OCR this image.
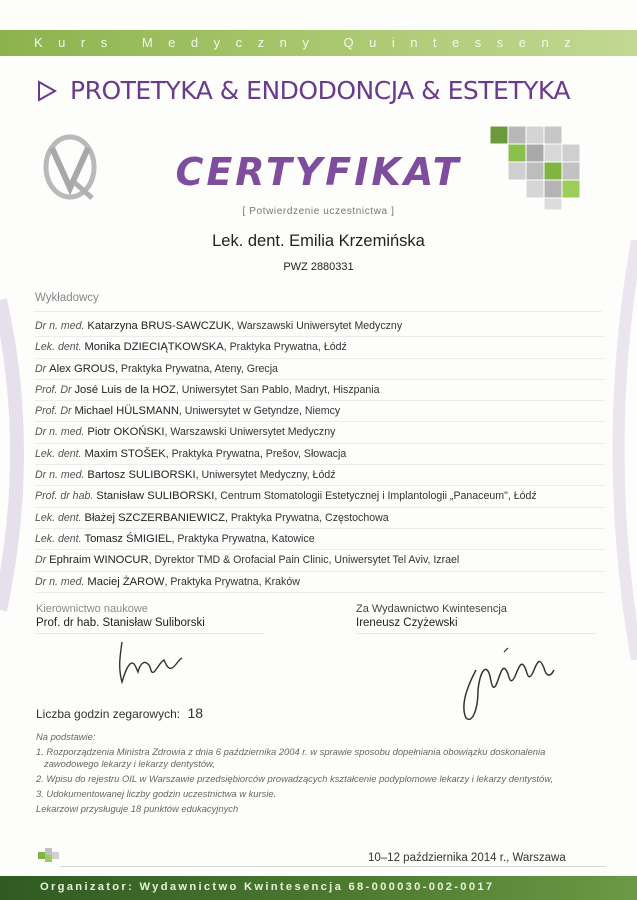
Kurs Medyczny Quintessenz
PROTETYKA & ENDODONCJA & ESTETYKA
CERTYFIKAT
[ Potwierdzenie uczestnictwa ]
Lek. dent. Emilia Krzemińska
PWZ 2880331
Wykładowcy
Dr n. med. Katarzyna BRUS-SAWCZUK, Warszawski Uniwersytet Medyczny
Lek. dent. Monika DZIECIĄTKOWSKA, Praktyka Prywatna, Łódź
Dr Alex GROUS, Praktyka Prywatna, Ateny, Grecja
Prof. Dr José Luis de la HOZ, Uniwersytet San Pablo, Madryt, Hiszpania
Prof. Dr Michael HÜLSMANN, Uniwersytet w Getyndze, Niemcy
Dr n. med. Piotr OKOŃSKI, Warszawski Uniwersytet Medyczny
Lek. dent. Maxim STOŠEK, Praktyka Prywatna, Prešov, Słowacja
Dr n. med. Bartosz SULIBORSKI, Uniwersytet Medyczny, Łódź
Prof. dr hab. Stanisław SULIBORSKI, Centrum Stomatologii Estetycznej i Implantologii „Panaceum", Łódź
Lek. dent. Błażej SZCZERBANIEWICZ, Praktyka Prywatna, Częstochowa
Lek. dent. Tomasz ŚMIGIEL, Praktyka Prywatna, Katowice
Dr Ephraim WINOCUR, Dyrektor TMD & Orofacial Pain Clinic, Uniwersytet Tel Aviv, Izrael
Dr n. med. Maciej ŻAROW, Praktyka Prywatna, Kraków
Kierownictwo naukowe
Prof. dr hab. Stanisław Suliborski
Za Wydawnictwo Kwintesencja
Ireneusz Czyżewski
Liczba godzin zegarowych: 18
Na podstawie:
1. Rozporządzenia Ministra Zdrowia z dnia 6 października 2004 r. w sprawie sposobu dopełniania obowiązku doskonalenia
zawodowego lekarzy i lekarzy dentystów,
2. Wpisu do rejestru OIL w Warszawie przedsiębiorców prowadzących kształcenie podyplomowe lekarzy i lekarzy dentystów,
3. Udokumentowanej liczby godzin uczestnictwa w kursie.
Lekarzowi przysługuje 18 punktów edukacyjnych
10–12 października 2014 r., Warszawa
Organizator: Wydawnictwo Kwintesencja 68-000030-002-0017
